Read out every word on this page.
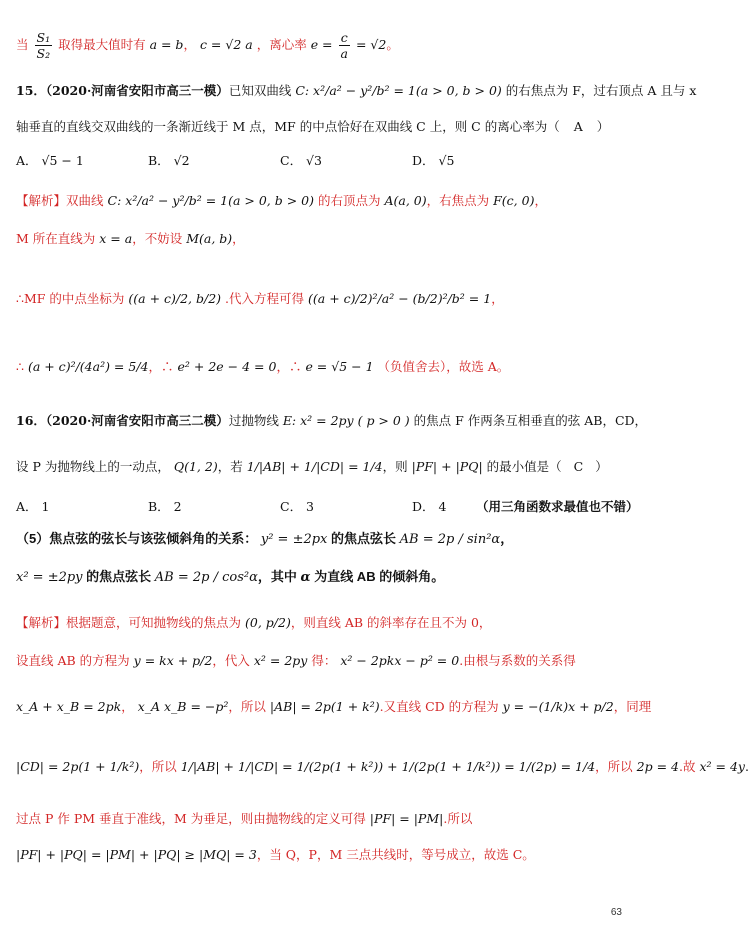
当 $\frac{\text{S₁}}{\text{S₂}}$ 取得最大值时有 a = b， c = √2 a ，离心率 $e = \frac{c}{a} = √2$。
15．（2020·河南省安阳市高三一模）已知双曲线 C: x²/a² − y²/b² = 1(a > 0, b > 0) 的右焦点为 F，过右顶点 A 且与 x
轴垂直的直线交双曲线的一条渐近线于 M 点，MF 的中点恰好在双曲线 C 上，则 C 的离心率为（ A ）
A． √5 − 1	B． √2	C． √3	D． √5
【解析】双曲线 C: x²/a² − y²/b² = 1(a > 0, b > 0) 的右顶点为 A(a, 0)，右焦点为 F(c, 0)，
M 所在直线为 x = a，不妨设 M(a, b)，
∴MF 的中点坐标为 ((a + c)/2, b/2) .代入方程可得 ((a + c)/2)²/a² − (b/2)²/b² = 1，
∴ (a + c)²/(4a²) = 5/4，∴ e² + 2e − 4 = 0，∴ e = √5 − 1 （负值舍去），故选 A。
16．（2020·河南省安阳市高三二模）过抛物线 E: x² = 2py ( p > 0 ) 的焦点 F 作两条互相垂直的弦 AB，CD，
设 P 为抛物线上的一动点， Q(1, 2)，若 1/|AB| + 1/|CD| = 1/4，则 |PF| + |PQ| 的最小值是（ C ）
A． 1	B． 2	C． 3	D． 4 （用三角函数求最值也不错）
（5）焦点弦的弦长与该弦倾斜角的关系： y² = ±2px 的焦点弦长 AB = 2p / sin²α，
x² = ±2py 的焦点弦长 AB = 2p / cos²α，其中 α 为直线 AB 的倾斜角。
【解析】根据题意，可知抛物线的焦点为 (0, p/2)，则直线 AB 的斜率存在且不为 0，
设直线 AB 的方程为 y = kx + p/2，代入 x² = 2py 得： x² − 2pkx − p² = 0.由根与系数的关系得
x_A + x_B = 2pk， x_A x_B = −p²，所以 |AB| = 2p(1 + k²).又直线 CD 的方程为 y = −(1/k)x + p/2，同理
|CD| = 2p(1 + 1/k²)，所以 1/|AB| + 1/|CD| = 1/(2p(1 + k²)) + 1/(2p(1 + 1/k²)) = 1/(2p) = 1/4，所以 2p = 4.故 x² = 4y.
过点 P 作 PM 垂直于准线，M 为垂足，则由抛物线的定义可得 |PF| = |PM|.所以
|PF| + |PQ| = |PM| + |PQ| ≥ |MQ| = 3，当 Q，P，M 三点共线时，等号成立，故选 C。
63
